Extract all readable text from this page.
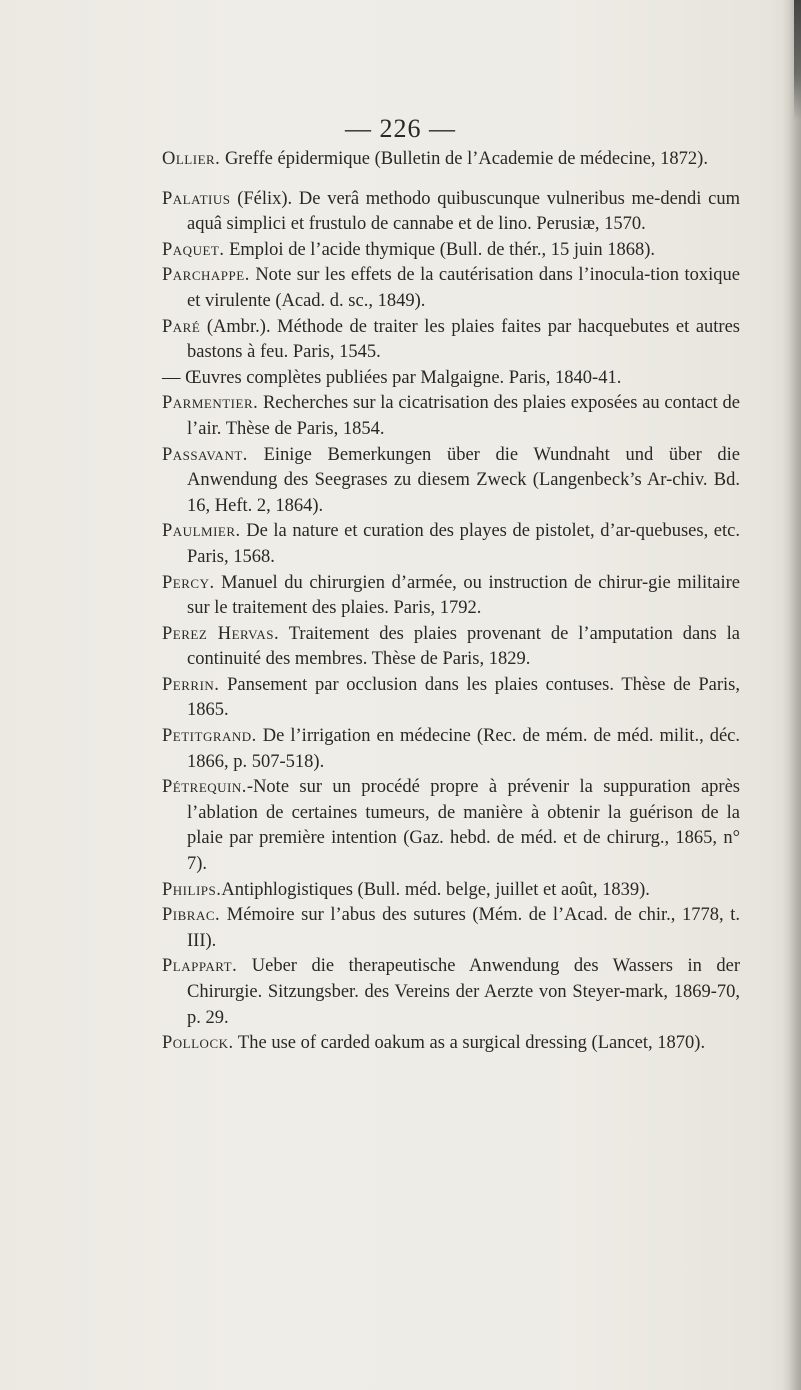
— 226 —

Ollier. Greffe épidermique (Bulletin de l’Academie de médecine, 1872).

Palatius (Félix). De verâ methodo quibuscunque vulneribus me-dendi cum aquâ simplici et frustulo de cannabe et de lino. Perusiæ, 1570.

Paquet. Emploi de l’acide thymique (Bull. de thér., 15 juin 1868).

Parchappe. Note sur les effets de la cautérisation dans l’inocula-tion toxique et virulente (Acad. d. sc., 1849).

Paré (Ambr.). Méthode de traiter les plaies faites par hacquebutes et autres bastons à feu. Paris, 1545.

— Œuvres complètes publiées par Malgaigne. Paris, 1840-41.

Parmentier. Recherches sur la cicatrisation des plaies exposées au contact de l’air. Thèse de Paris, 1854.

Passavant. Einige Bemerkungen über die Wundnaht und über die Anwendung des Seegrases zu diesem Zweck (Langenbeck’s Ar-chiv. Bd. 16, Heft. 2, 1864).

Paulmier. De la nature et curation des playes de pistolet, d’ar-quebuses, etc. Paris, 1568.

Percy. Manuel du chirurgien d’armée, ou instruction de chirur-gie militaire sur le traitement des plaies. Paris, 1792.

Perez Hervas. Traitement des plaies provenant de l’amputation dans la continuité des membres. Thèse de Paris, 1829.

Perrin. Pansement par occlusion dans les plaies contuses. Thèse de Paris, 1865.

Petitgrand. De l’irrigation en médecine (Rec. de mém. de méd. milit., déc. 1866, p. 507-518).

Pétrequin.-Note sur un procédé propre à prévenir la suppuration après l’ablation de certaines tumeurs, de manière à obtenir la guérison de la plaie par première intention (Gaz. hebd. de méd. et de chirurg., 1865, n° 7).

Philips.Antiphlogistiques (Bull. méd. belge, juillet et août, 1839).

Pibrac. Mémoire sur l’abus des sutures (Mém. de l’Acad. de chir., 1778, t. III).

Plappart. Ueber die therapeutische Anwendung des Wassers in der Chirurgie. Sitzungsber. des Vereins der Aerzte von Steyer-mark, 1869-70, p. 29.

Pollock. The use of carded oakum as a surgical dressing (Lancet, 1870).
